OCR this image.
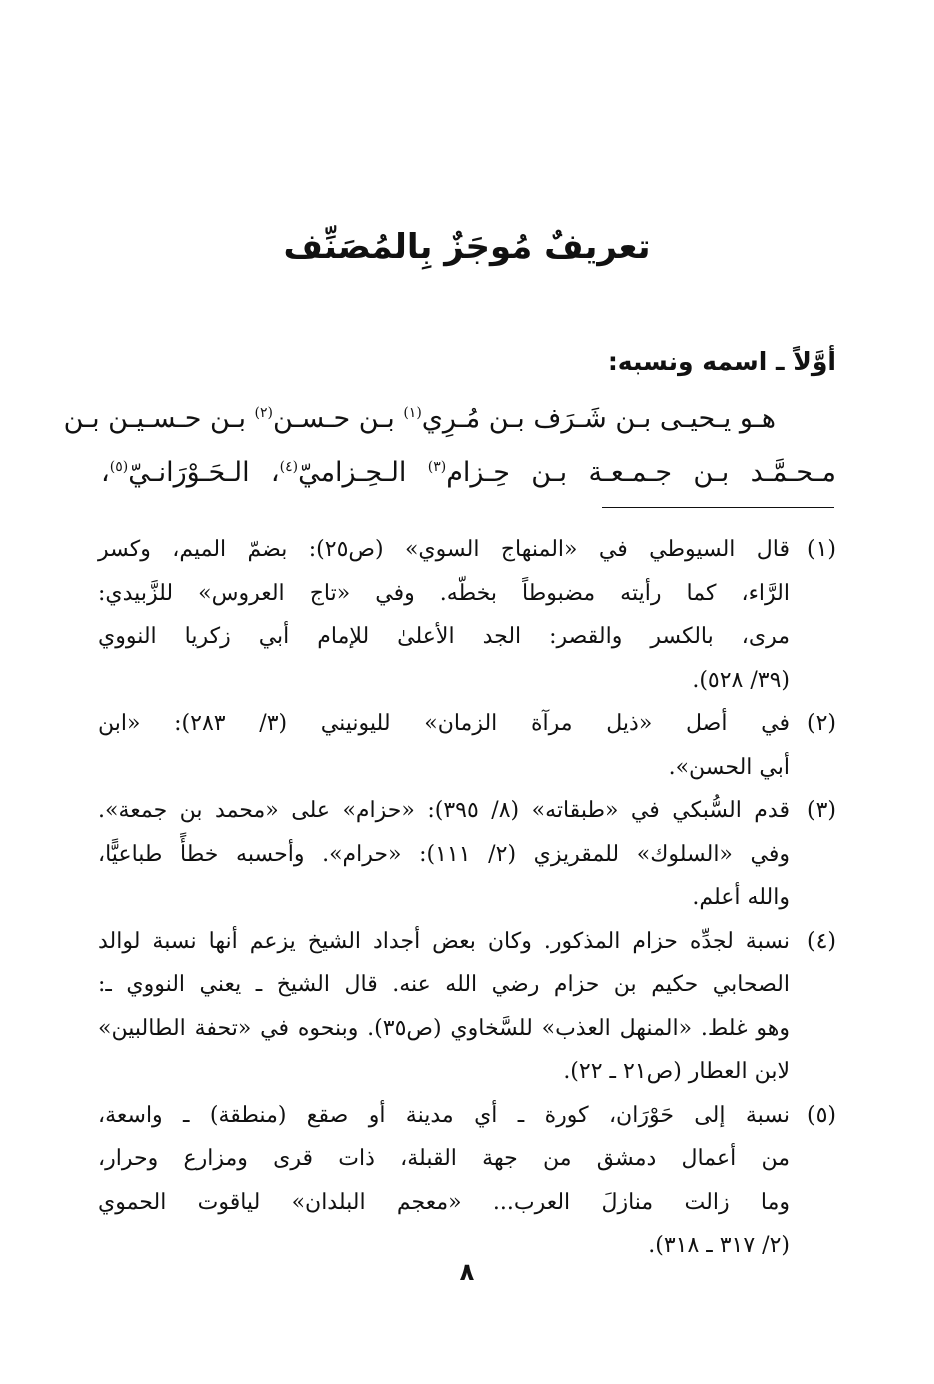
تعريفٌ مُوجَزٌ بِالمُصَنِّف
أوَّلاً ـ اسمه ونسبه:

هـو يـحيـى بـن شَـرَف بـن مُـرِي$^{(١)}$ بـن حـسـن$^{(٢)}$ بـن حـسـيـن بـن
مـحـمَّـد بـن جـمـعـة بـن حِـزام$^{(٣)}$ الـحِـزاميّ$^{(٤)}$، الـحَـوْرَانـيّ$^{(٥)}$،

(١)
قال السيوطي في «المنهاج السوي» (ص٢٥): بضمّ الميم، وكسر
الرَّاء، كما رأيته مضبوطاً بخطّه. وفي «تاج العروس» للزَّبيدي:
مرى، بالكسر والقصر: الجد الأعلىٰ للإمام أبي زكريا النووي
(٣٩/ ٥٢٨).
(٢)
في أصل «ذيل مرآة الزمان» لليونيني (٣/ ٢٨٣): «ابن
أبي الحسن».
(٣)
قدم السُّبكي في «طبقاته» (٨/ ٣٩٥): «حزام» على «محمد بن جمعة».
وفي «السلوك» للمقريزي (٢/ ١١١): «حرام». وأحسبه خطأً طباعيًّا،
والله أعلم.
(٤)
نسبة لجدِّه حزام المذكور. وكان بعض أجداد الشيخ يزعم أنها نسبة لوالد
الصحابي حكيم بن حزام رضي الله عنه. قال الشيخ ـ يعني النووي ـ:
وهو غلط. «المنهل العذب» للسَّخاوي (ص٣٥). وبنحوه في «تحفة الطالبين»
لابن العطار (ص٢١ ـ ٢٢).
(٥)
نسبة إلى حَوْرَان، كورة ـ أي مدينة أو صقع (منطقة) ـ واسعة،
من أعمال دمشق من جهة القبلة، ذات قرى ومزارع وحرار،
وما زالت منازلَ العرب... «معجم البلدان» لياقوت الحموي
(٢/ ٣١٧ ـ ٣١٨).
٨
